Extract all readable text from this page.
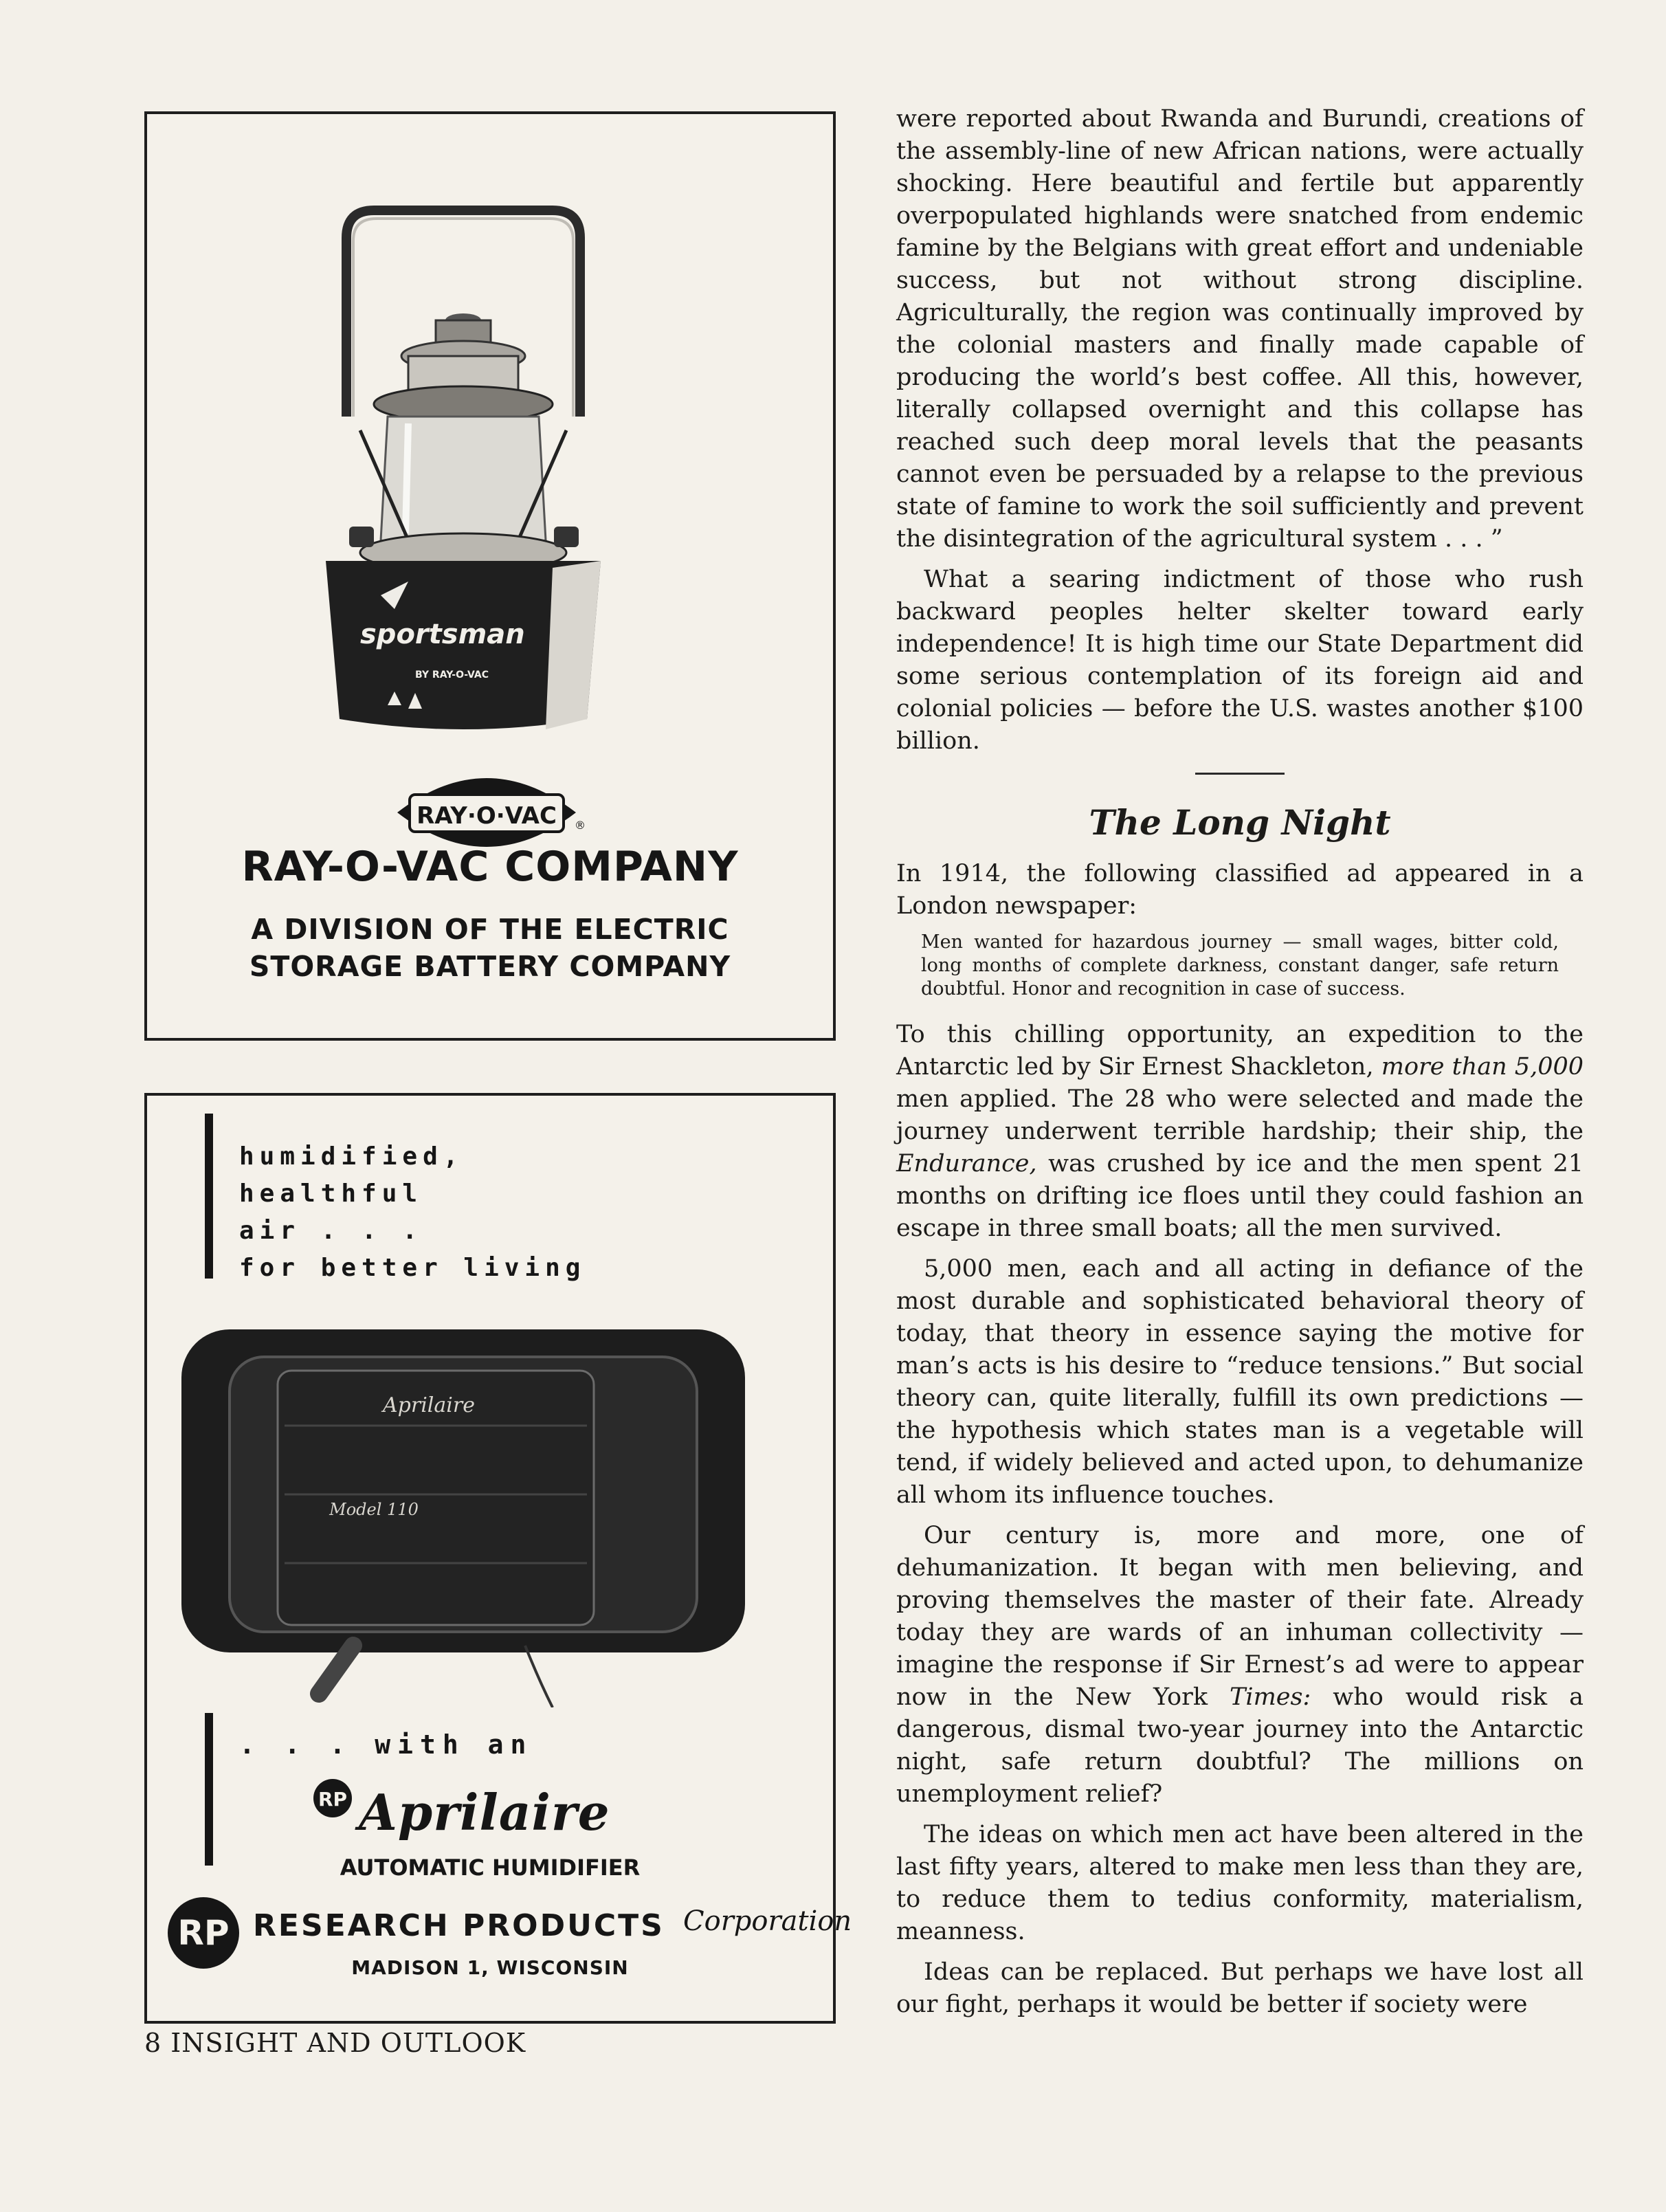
sportsman
BY RAY-O-VAC
RAY·O·VAC ®
RAY-O-VAC COMPANY
A DIVISION OF THE ELECTRIC
STORAGE BATTERY COMPANY
humidified,
healthful
air . . .
for better living
Aprilaire
Model 110
. . . with an
RP Aprilaire
AUTOMATIC HUMIDIFIER
RP RESEARCH PRODUCTS Corporation
MADISON 1, WISCONSIN
8 INSIGHT AND OUTLOOK

were reported about Rwanda and Burundi, creations of the assembly-line of new African nations, were actually shocking. Here beautiful and fertile but apparently overpopulated highlands were snatched from endemic famine by the Belgians with great effort and undeniable success, but not without strong discipline. Agriculturally, the region was continually improved by the colonial masters and finally made capable of producing the world’s best coffee. All this, however, literally collapsed overnight and this collapse has reached such deep moral levels that the peasants cannot even be persuaded by a relapse to the previous state of famine to work the soil sufficiently and prevent the disintegration of the agricultural system . . . ”

What a searing indictment of those who rush backward peoples helter skelter toward early independence! It is high time our State Department did some serious contemplation of its foreign aid and colonial policies — before the U.S. wastes another $100 billion.

The Long Night

In 1914, the following classified ad appeared in a London newspaper:

Men wanted for hazardous journey — small wages, bitter cold, long months of complete darkness, constant danger, safe return doubtful. Honor and recognition in case of success.

To this chilling opportunity, an expedition to the Antarctic led by Sir Ernest Shackleton, more than 5,000 men applied. The 28 who were selected and made the journey underwent terrible hardship; their ship, the Endurance, was crushed by ice and the men spent 21 months on drifting ice floes until they could fashion an escape in three small boats; all the men survived.

5,000 men, each and all acting in defiance of the most durable and sophisticated behavioral theory of today, that theory in essence saying the motive for man’s acts is his desire to “reduce tensions.” But social theory can, quite literally, fulfill its own predictions — the hypothesis which states man is a vegetable will tend, if widely believed and acted upon, to dehumanize all whom its influence touches.

Our century is, more and more, one of dehumanization. It began with men believing, and proving themselves the master of their fate. Already today they are wards of an inhuman collectivity — imagine the response if Sir Ernest’s ad were to appear now in the New York Times: who would risk a dangerous, dismal two-year journey into the Antarctic night, safe return doubtful? The millions on unemployment relief?

The ideas on which men act have been altered in the last fifty years, altered to make men less than they are, to reduce them to tedius conformity, materialism, meanness.

Ideas can be replaced. But perhaps we have lost all our fight, perhaps it would be better if society were
